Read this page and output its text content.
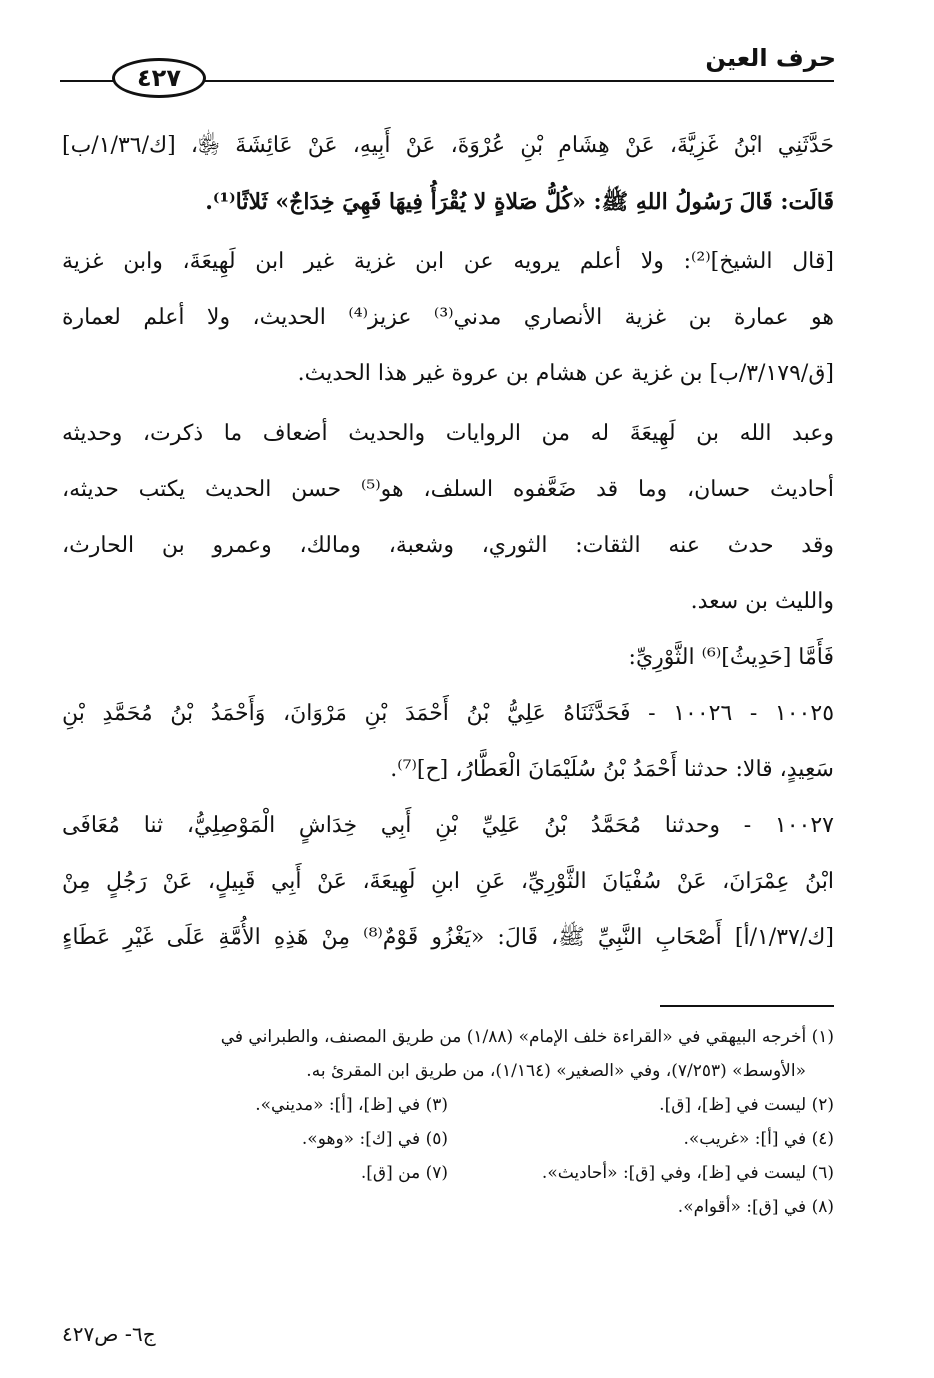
حرف العين
٤٢٧
حَدَّثَنِي ابْنُ غَزِيَّةَ، عَنْ هِشَامِ بْنِ عُرْوَةَ، عَنْ أَبِيهِ، عَنْ عَائِشَةَ ﵂، [ك/١/٣٦/ب]
قَالَت: قَالَ رَسُولُ اللهِ ﷺ: «كُلُّ صَلاةٍ لا يُقْرَأُ فِيهَا فَهِيَ خِدَاجٌ» ثَلاثًا⁽¹⁾.
[قال الشيخ]⁽²⁾: ولا أعلم يرويه عن ابن غزية غير ابن لَهِيعَةَ، وابن غزية
هو عمارة بن غزية الأنصاري مدني⁽³⁾ عزيز⁽⁴⁾ الحديث، ولا أعلم لعمارة
[ق/٣/١٧٩/ب] بن غزية عن هشام بن عروة غير هذا الحديث.
وعبد الله بن لَهِيعَةَ له من الروايات والحديث أضعاف ما ذكرت، وحديثه
أحاديث حسان، وما قد ضَعَّفوه السلف، هو⁽⁵⁾ حسن الحديث يكتب حديثه،
وقد حدث عنه الثقات: الثوري، وشعبة، ومالك، وعمرو بن الحارث،
والليث بن سعد.
فَأَمَّا [حَدِيثُ]⁽⁶⁾ الثَّوْرِيِّ:
١٠٠٢٥ - ١٠٠٢٦ - فَحَدَّثَنَاهُ عَلِيُّ بْنُ أَحْمَدَ بْنِ مَرْوَانَ، وَأَحْمَدُ بْنُ مُحَمَّدِ بْنِ
سَعِيدٍ، قالا: حدثنا أَحْمَدُ بْنُ سُلَيْمَانَ الْعَطَّارُ، [ح]⁽⁷⁾.
١٠٠٢٧ - وحدثنا مُحَمَّدُ بْنُ عَلِيِّ بْنِ أَبِي خِدَاشٍ الْمَوْصِلِيُّ، ثنا مُعَافَى
ابْنُ عِمْرَانَ، عَنْ سُفْيَانَ الثَّوْرِيِّ، عَنِ ابنِ لَهِيعَةَ، عَنْ أَبِي قَبِيلٍ، عَنْ رَجُلٍ مِنْ
[ك/١/٣٧/أ] أَصْحَابِ النَّبِيِّ ﷺ، قَالَ: «يَغْزُو قَوْمٌ⁽⁸⁾ مِنْ هَذِهِ الأُمَّةِ عَلَى غَيْرِ عَطَاءٍ
(١) أخرجه البيهقي في «القراءة خلف الإمام» (١/٨٨) من طريق المصنف، والطبراني في
«الأوسط» (٧/٢٥٣)، وفي «الصغير» (١/١٦٤)، من طريق ابن المقرئ به.
(٢) ليست في [ظ]، [ق].
(٣) في [ظ]، [أ]: «مديني».
(٤) في [أ]: «غريب».
(٥) في [ك]: «وهو».
(٦) ليست في [ظ]، وفي [ق]: «أحاديث».
(٧) من [ق].
(٨) في [ق]: «أقوام».
ج٦- ص٤٢٧
